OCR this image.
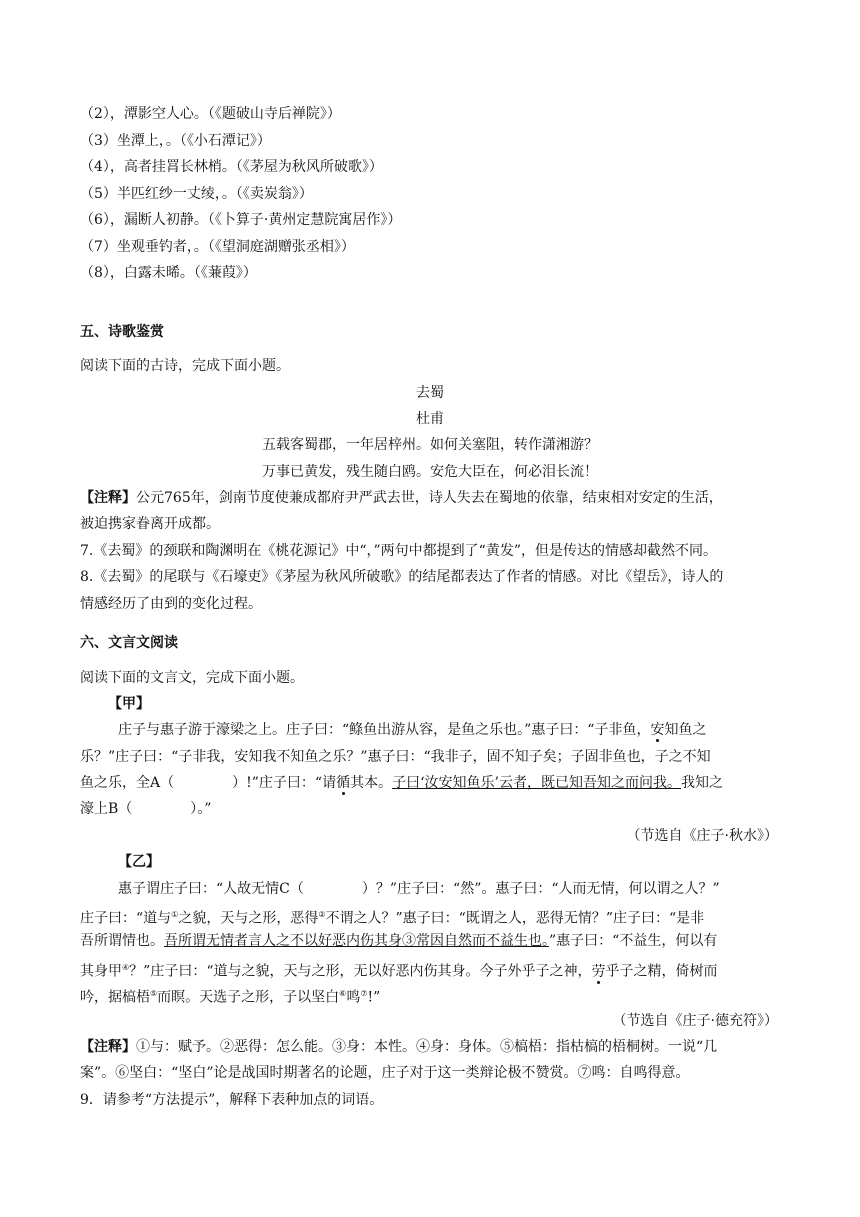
（2），潭影空人心。（《题破山寺后禅院》）
（3）坐潭上，。（《小石潭记》）
（4），高者挂罥长林梢。（《茅屋为秋风所破歌》）
（5）半匹红纱一丈绫，。（《卖炭翁》）
（6），漏断人初静。（《卜算子·黄州定慧院寓居作》）
（7）坐观垂钓者，。（《望洞庭湖赠张丞相》）
（8），白露未晞。（《蒹葭》）
五、诗歌鉴赏
阅读下面的古诗，完成下面小题。
去蜀
杜甫
五载客蜀郡，一年居梓州。如何关塞阻，转作潇湘游？
万事已黄发，残生随白鸥。安危大臣在，何必泪长流！
【注释】公元765年，剑南节度使兼成都府尹严武去世，诗人失去在蜀地的依靠，结束相对安定的生活，
被迫携家眷离开成都。
7.《去蜀》的颈联和陶渊明在《桃花源记》中“，”两句中都提到了“黄发”，但是传达的情感却截然不同。
8.《去蜀》的尾联与《石壕吏》《茅屋为秋风所破歌》的结尾都表达了作者的情感。对比《望岳》，诗人的
情感经历了由到的变化过程。
六、文言文阅读
阅读下面的文言文，完成下面小题。
【甲】
庄子与惠子游于濠梁之上。庄子曰：“鲦鱼出游从容，是鱼之乐也。”惠子曰：“子非鱼，安知鱼之
乐？”庄子曰：“子非我，安知我不知鱼之乐？”惠子曰：“我非子，固不知子矣；子固非鱼也，子之不知
鱼之乐，全A（	）!”庄子曰：“请循其本。子曰‘汝安知鱼乐’云者，既已知吾知之而问我。我知之
濠上B（	）。”
（节选自《庄子·秋水》）
【乙】
惠子谓庄子曰：“人故无情C（	）？”庄子曰：“然”。惠子曰：“人而无情，何以谓之人？”
庄子曰：“道与①之貌，天与之形，恶得②不谓之人？”惠子曰：“既谓之人，恶得无情？”庄子曰：“是非
吾所谓情也。吾所谓无情者言人之不以好恶内伤其身③常因自然而不益生也。”惠子曰：“不益生，何以有
其身甲④？”庄子曰：“道与之貌，天与之形，无以好恶内伤其身。今子外乎子之神，劳乎子之精，倚树而
吟，据槁梧⑤而瞑。天选子之形，子以坚白⑥鸣⑦!”
（节选自《庄子·德充符》）
【注释】①与：赋予。②恶得：怎么能。③身：本性。④身：身体。⑤槁梧：指枯槁的梧桐树。一说“几
案”。⑥坚白：“坚白”论是战国时期著名的论题，庄子对于这一类辩论极不赞赏。⑦鸣：自鸣得意。
9．请参考“方法提示”，解释下表种加点的词语。
